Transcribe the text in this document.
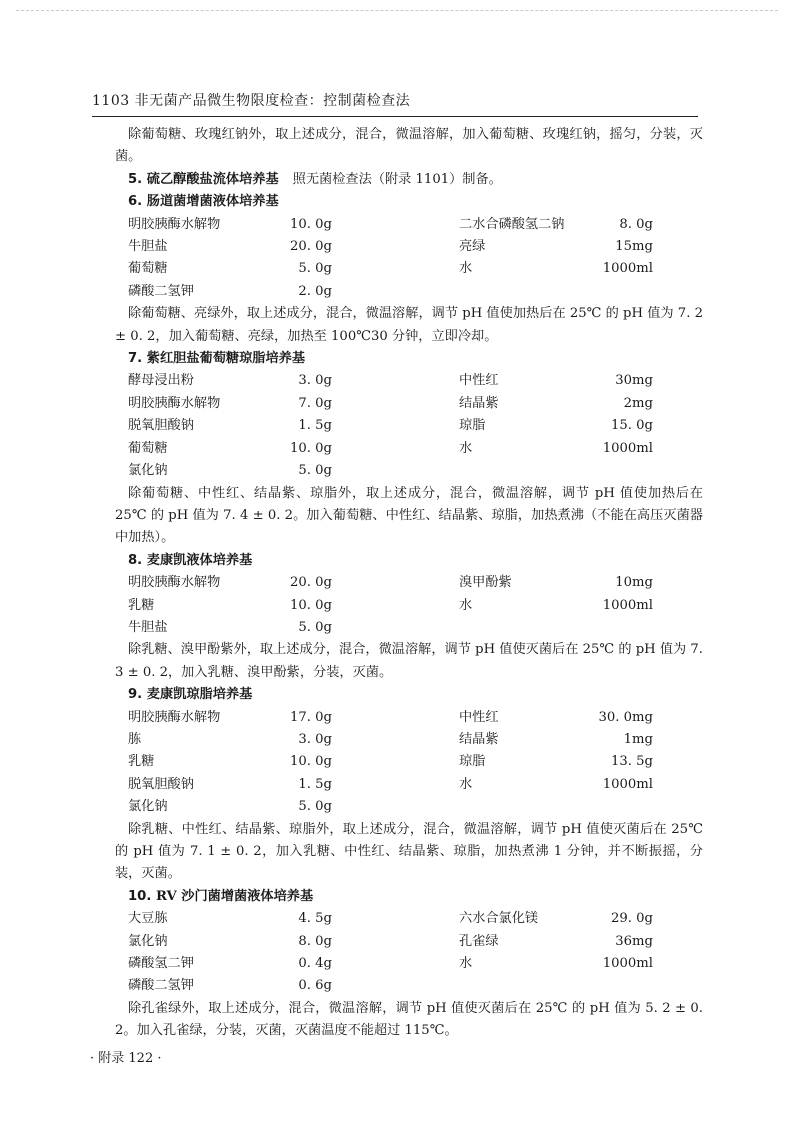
1103 非无菌产品微生物限度检查：控制菌检查法

除葡萄糖、玫瑰红钠外，取上述成分，混合，微温溶解，加入葡萄糖、玫瑰红钠，摇匀，分装，灭菌。

5. 硫乙醇酸盐流体培养基 照无菌检查法（附录 1101）制备。

6. 肠道菌增菌液体培养基

明胶胰酶水解物	10. 0g	二水合磷酸氢二钠	8. 0g
牛胆盐	20. 0g	亮绿	15mg
葡萄糖	5. 0g	水	1000ml
磷酸二氢钾	2. 0g

除葡萄糖、亮绿外，取上述成分，混合，微温溶解，调节 pH 值使加热后在 25℃ 的 pH 值为 7. 2 ± 0. 2，加入葡萄糖、亮绿，加热至 100℃30 分钟，立即冷却。

7. 紫红胆盐葡萄糖琼脂培养基

酵母浸出粉	3. 0g	中性红	30mg
明胶胰酶水解物	7. 0g	结晶紫	2mg
脱氧胆酸钠	1. 5g	琼脂	15. 0g
葡萄糖	10. 0g	水	1000ml
氯化钠	5. 0g

除葡萄糖、中性红、结晶紫、琼脂外，取上述成分，混合，微温溶解，调节 pH 值使加热后在 25℃ 的 pH 值为 7. 4 ± 0. 2。加入葡萄糖、中性红、结晶紫、琼脂，加热煮沸（不能在高压灭菌器中加热）。

8. 麦康凯液体培养基

明胶胰酶水解物	20. 0g	溴甲酚紫	10mg
乳糖	10. 0g	水	1000ml
牛胆盐	5. 0g

除乳糖、溴甲酚紫外，取上述成分，混合，微温溶解，调节 pH 值使灭菌后在 25℃ 的 pH 值为 7. 3 ± 0. 2，加入乳糖、溴甲酚紫，分装，灭菌。

9. 麦康凯琼脂培养基

明胶胰酶水解物	17. 0g	中性红	30. 0mg
胨	3. 0g	结晶紫	1mg
乳糖	10. 0g	琼脂	13. 5g
脱氧胆酸钠	1. 5g	水	1000ml
氯化钠	5. 0g

除乳糖、中性红、结晶紫、琼脂外，取上述成分，混合，微温溶解，调节 pH 值使灭菌后在 25℃ 的 pH 值为 7. 1 ± 0. 2，加入乳糖、中性红、结晶紫、琼脂，加热煮沸 1 分钟，并不断振摇，分装，灭菌。

10. RV 沙门菌增菌液体培养基

大豆胨	4. 5g	六水合氯化镁	29. 0g
氯化钠	8. 0g	孔雀绿	36mg
磷酸氢二钾	0. 4g	水	1000ml
磷酸二氢钾	0. 6g

除孔雀绿外，取上述成分，混合，微温溶解，调节 pH 值使灭菌后在 25℃ 的 pH 值为 5. 2 ± 0. 2。加入孔雀绿，分装，灭菌，灭菌温度不能超过 115℃。

· 附录 122 ·
